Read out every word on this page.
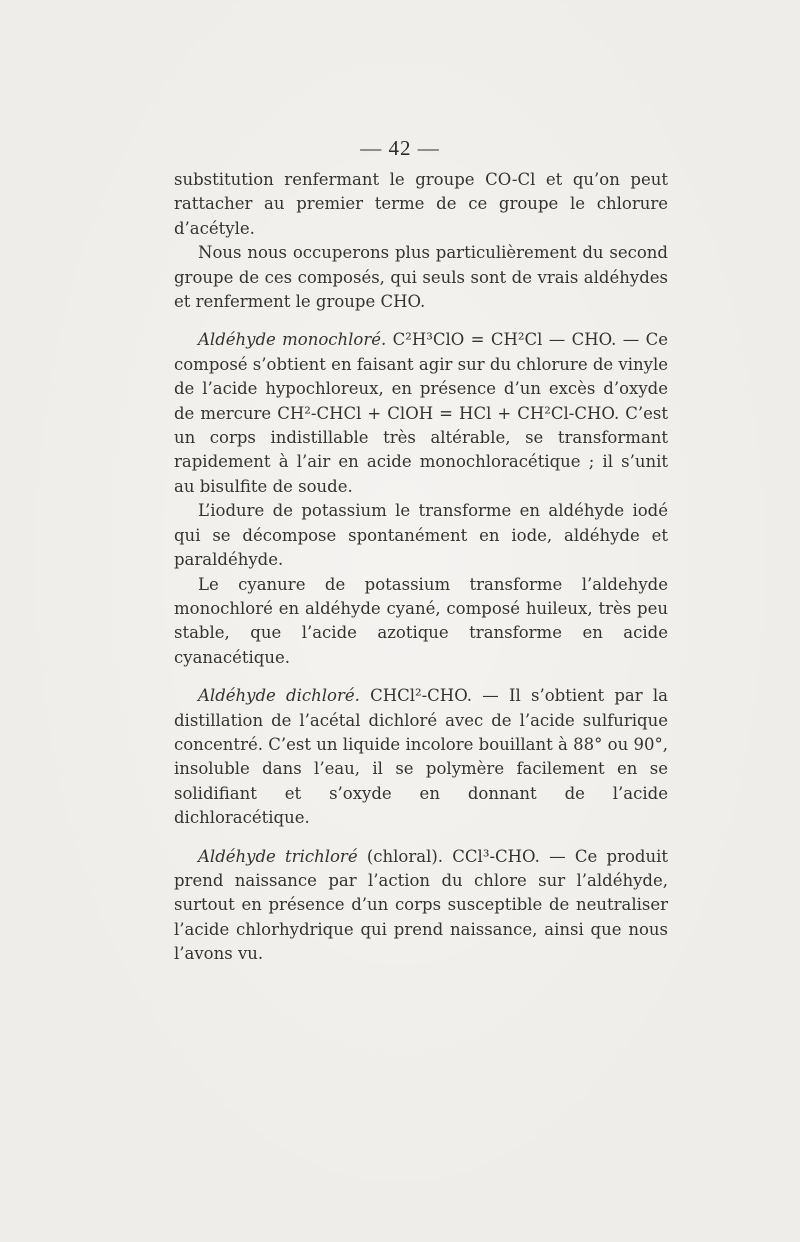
— 42 —

substitution renfermant le groupe CO-Cl et qu’on peut rattacher au premier terme de ce groupe le chlorure d’acétyle.

Nous nous occuperons plus particulièrement du second groupe de ces composés, qui seuls sont de vrais aldéhydes et renferment le groupe CHO.

Aldéhyde monochloré. C²H³ClO = CH²Cl — CHO. — Ce composé s’obtient en faisant agir sur du chlorure de vinyle de l’acide hypochloreux, en présence d’un excès d’oxyde de mercure CH²-CHCl + ClOH = HCl + CH²Cl-CHO. C’est un corps indistillable très altérable, se transformant rapidement à l’air en acide monochloracétique ; il s’unit au bisulfite de soude.

L’iodure de potassium le transforme en aldéhyde iodé qui se décompose spontanément en iode, aldéhyde et paraldéhyde.

Le cyanure de potassium transforme l’aldehyde monochloré en aldéhyde cyané, composé huileux, très peu stable, que l’acide azotique transforme en acide cyanacétique.

Aldéhyde dichloré. CHCl²-CHO. — Il s’obtient par la distillation de l’acétal dichloré avec de l’acide sulfurique concentré. C’est un liquide incolore bouillant à 88° ou 90°, insoluble dans l’eau, il se polymère facilement en se solidifiant et s’oxyde en donnant de l’acide dichloracétique.

Aldéhyde trichloré (chloral). CCl³-CHO. — Ce produit prend naissance par l’action du chlore sur l’aldéhyde, surtout en présence d’un corps susceptible de neutraliser l’acide chlorhydrique qui prend naissance, ainsi que nous l’avons vu.
